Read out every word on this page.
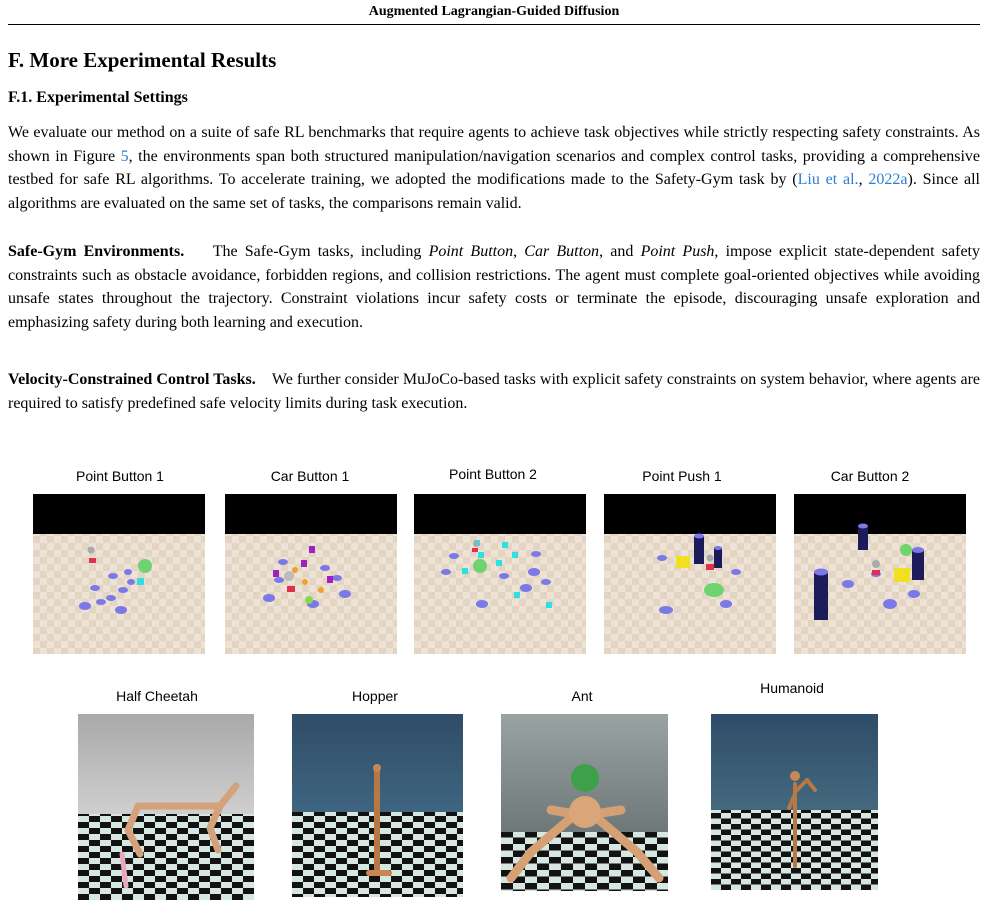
Augmented Lagrangian-Guided Diffusion
F. More Experimental Results
F.1. Experimental Settings
We evaluate our method on a suite of safe RL benchmarks that require agents to achieve task objectives while strictly respecting safety constraints. As shown in Figure 5, the environments span both structured manipulation/navigation scenarios and complex control tasks, providing a comprehensive testbed for safe RL algorithms. To accelerate training, we adopted the modifications made to the Safety-Gym task by (Liu et al., 2022a). Since all algorithms are evaluated on the same set of tasks, the comparisons remain valid.
Safe-Gym Environments. The Safe-Gym tasks, including Point Button, Car Button, and Point Push, impose explicit state-dependent safety constraints such as obstacle avoidance, forbidden regions, and collision restrictions. The agent must complete goal-oriented objectives while avoiding unsafe states throughout the trajectory. Constraint violations incur safety costs or terminate the episode, discouraging unsafe exploration and emphasizing safety during both learning and execution.
Velocity-Constrained Control Tasks. We further consider MuJoCo-based tasks with explicit safety constraints on system behavior, where agents are required to satisfy predefined safe velocity limits during task execution.
Point Button 1	Car Button 1	Point Button 2	Point Push 1	Car Button 2
Half Cheetah	Hopper	Ant	Humanoid
